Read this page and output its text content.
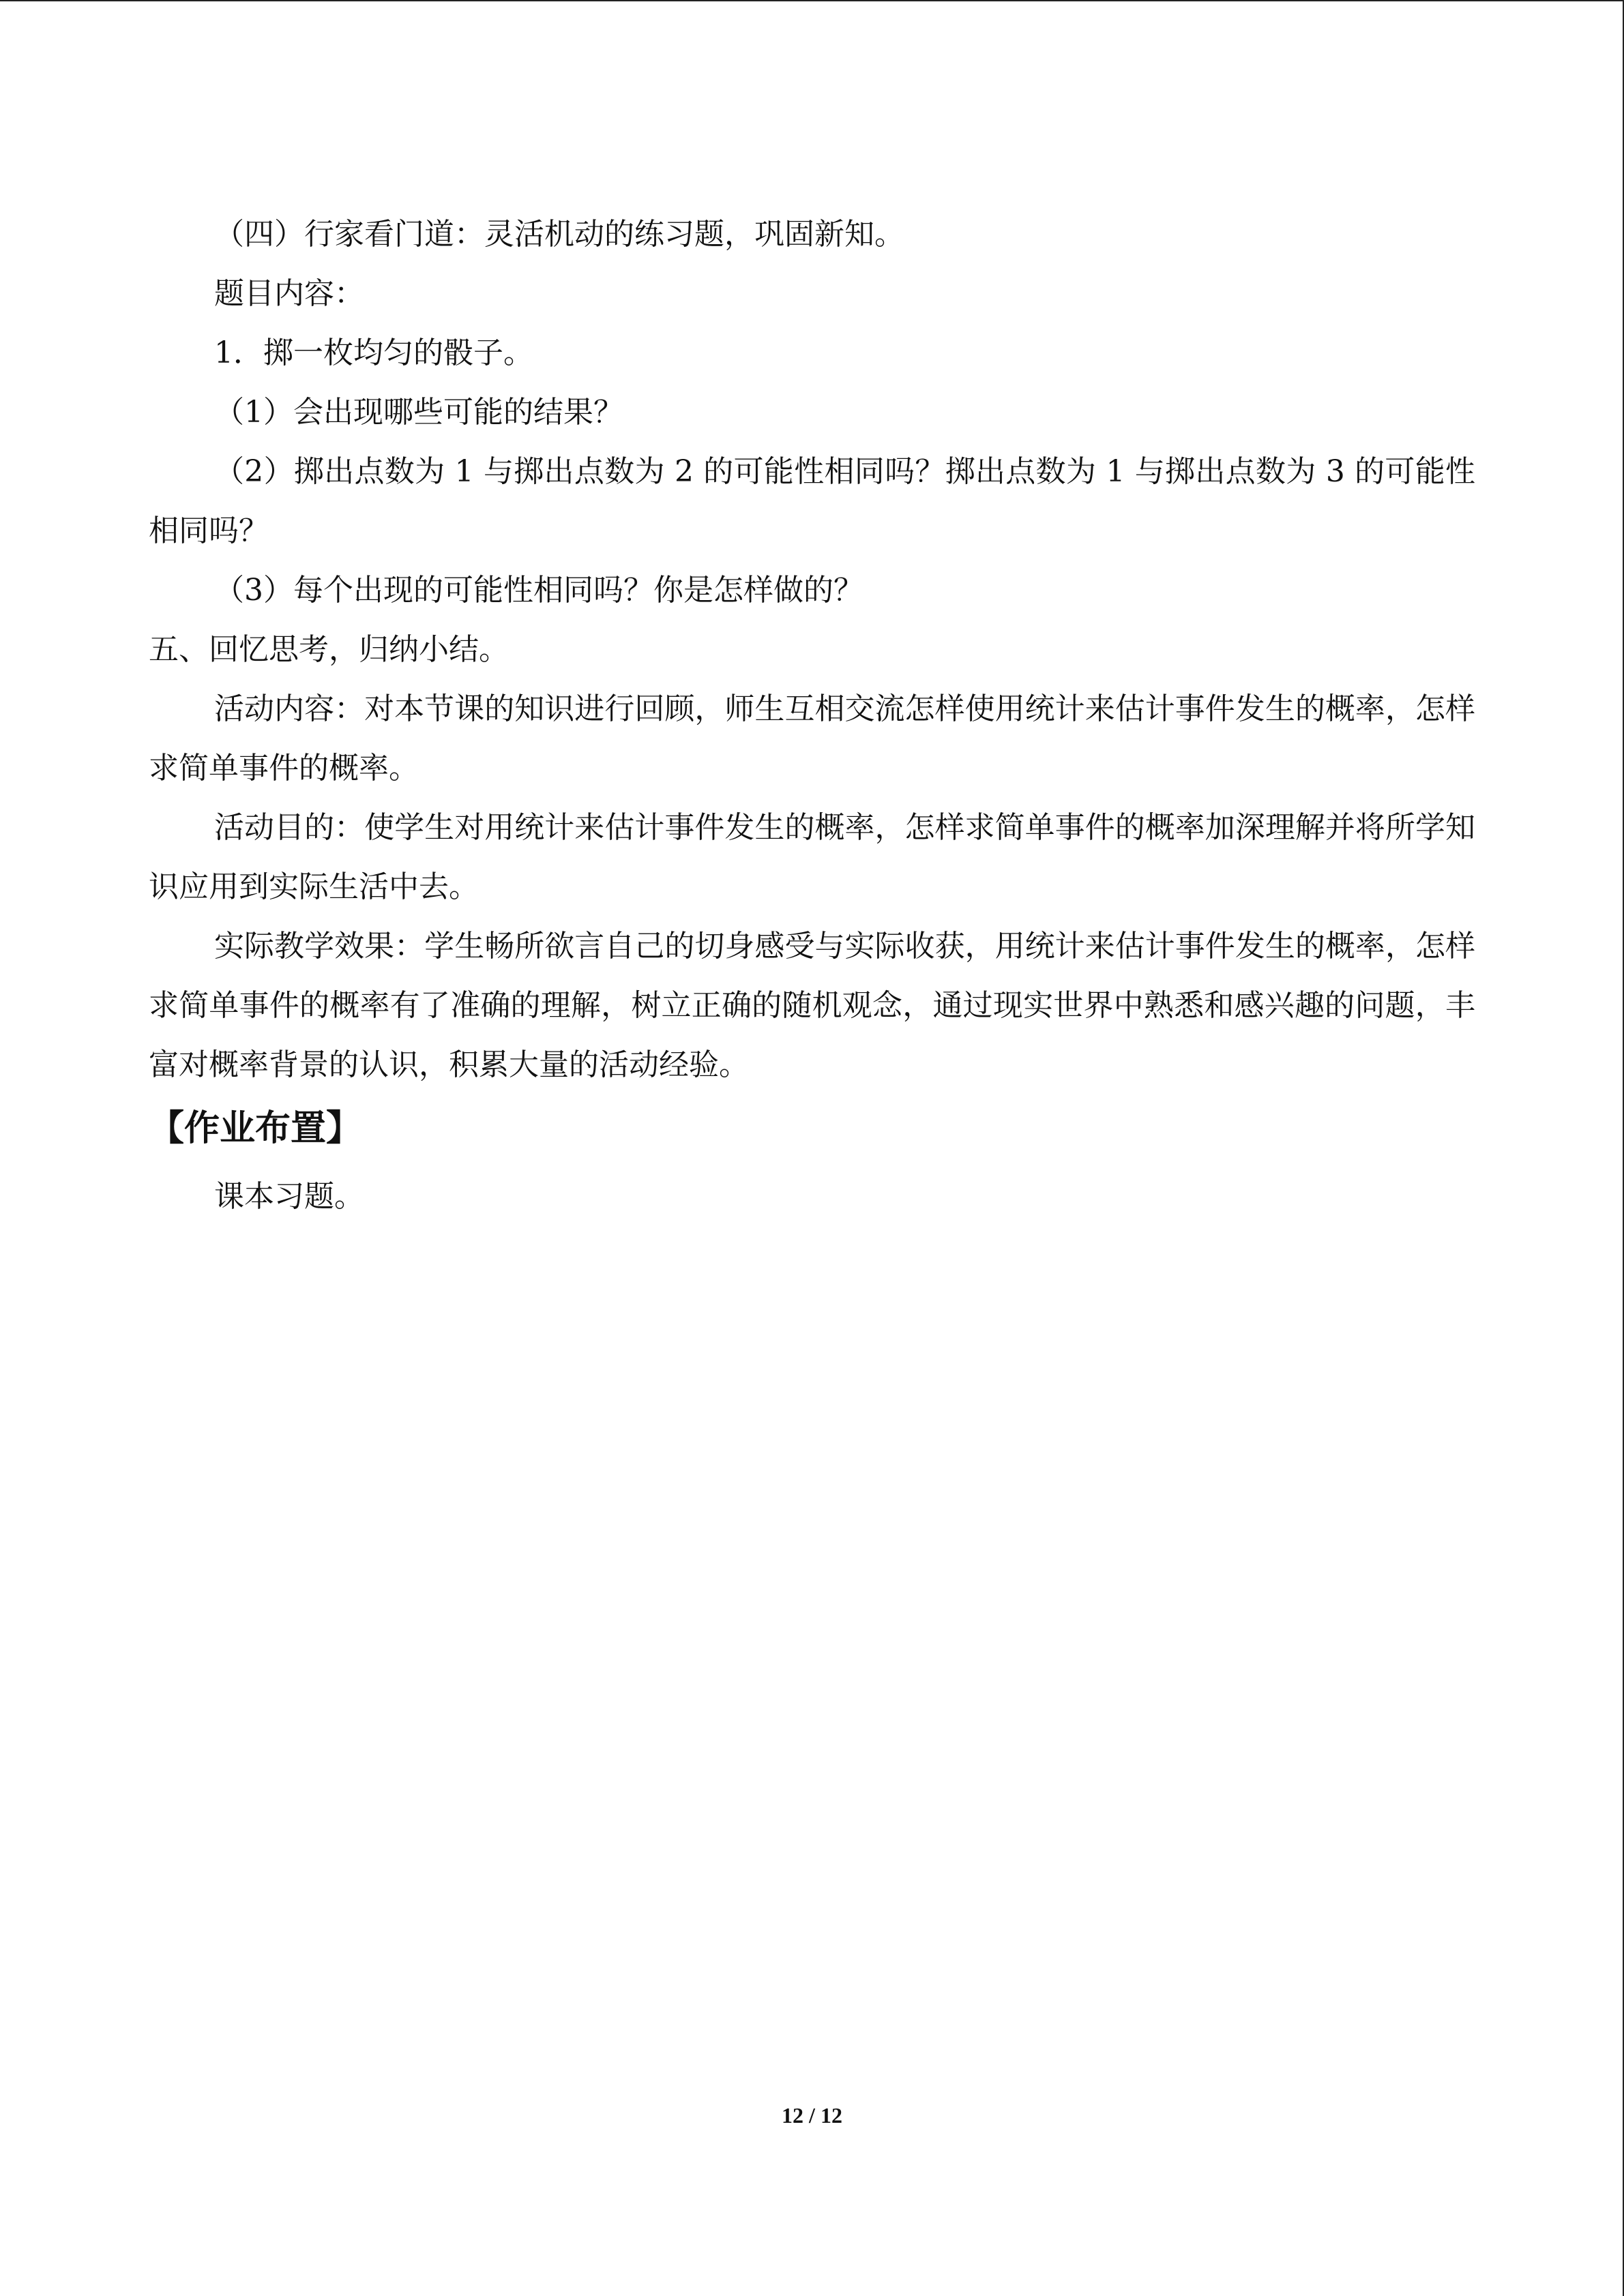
（四）行家看门道：灵活机动的练习题，巩固新知。

题目内容：

1．掷一枚均匀的骰子。

（1）会出现哪些可能的结果？

（2）掷出点数为 1 与掷出点数为 2 的可能性相同吗？掷出点数为 1 与掷出点数为 3 的可能性相同吗？

（3）每个出现的可能性相同吗？你是怎样做的？

五、回忆思考，归纳小结。

活动内容：对本节课的知识进行回顾，师生互相交流怎样使用统计来估计事件发生的概率，怎样求简单事件的概率。

活动目的：使学生对用统计来估计事件发生的概率，怎样求简单事件的概率加深理解并将所学知识应用到实际生活中去。

实际教学效果：学生畅所欲言自己的切身感受与实际收获，用统计来估计事件发生的概率，怎样求简单事件的概率有了准确的理解，树立正确的随机观念，通过现实世界中熟悉和感兴趣的问题，丰富对概率背景的认识，积累大量的活动经验。

【作业布置】

课本习题。

12 / 12
